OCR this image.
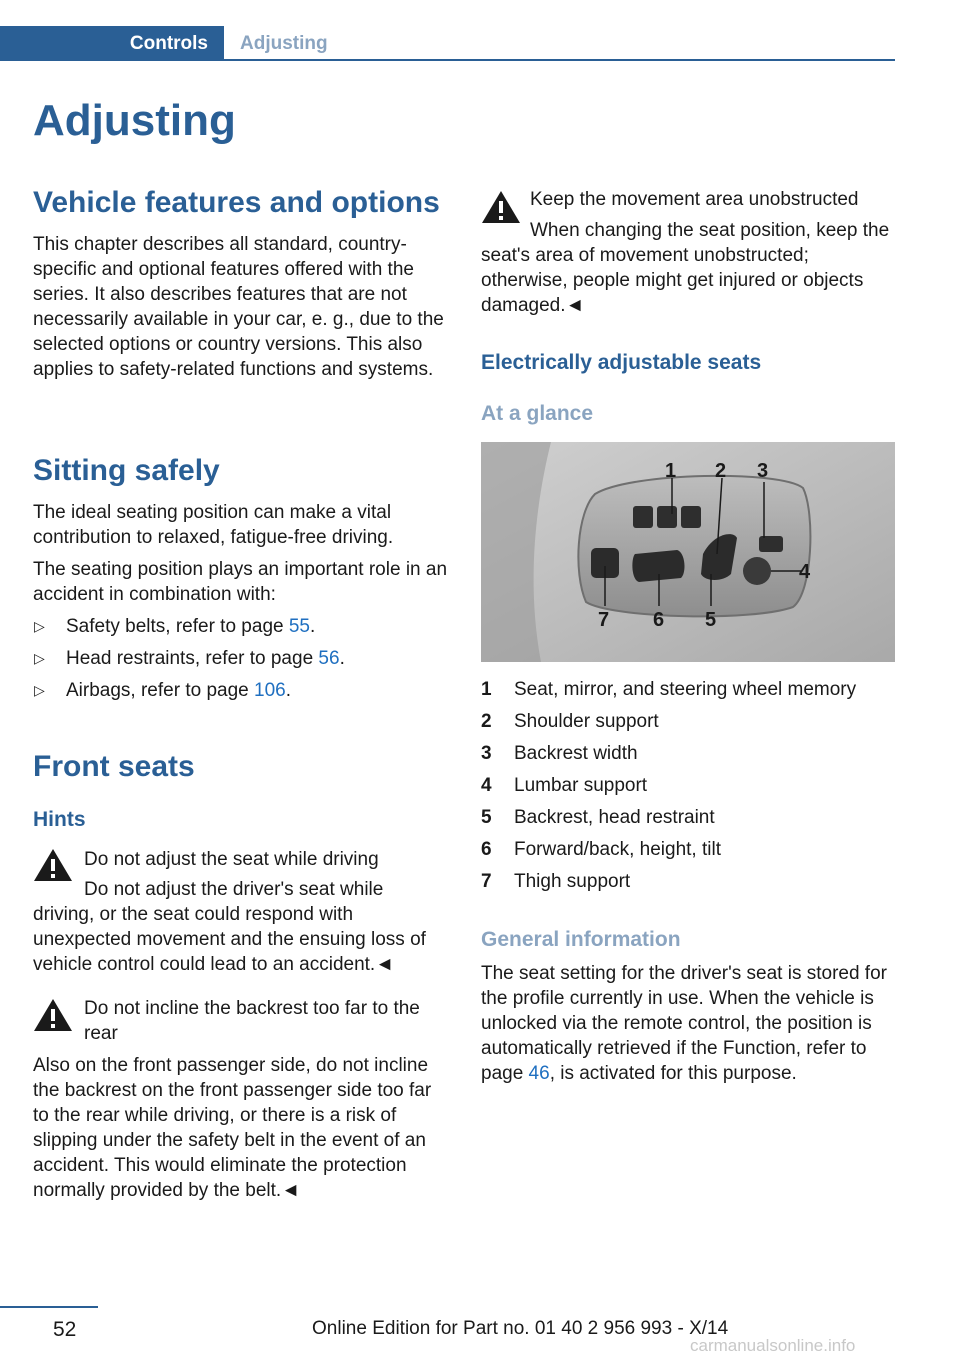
Controls	Adjusting
Adjusting
Vehicle features and options

This chapter describes all standard, country-specific and optional features offered with the series. It also describes features that are not necessarily available in your car, e. g., due to the selected options or country versions. This also applies to safety-related functions and systems.

Sitting safely

The ideal seating position can make a vital contribution to relaxed, fatigue-free driving.

The seating position plays an important role in an accident in combination with:

▷ Safety belts, refer to page 55.
▷ Head restraints, refer to page 56.
▷ Airbags, refer to page 106.
Front seats
Hints

Do not adjust the seat while driving

Do not adjust the driver's seat while driving, or the seat could respond with unexpected movement and the ensuing loss of vehicle control could lead to an accident.◄

Do not incline the backrest too far to the rear

Also on the front passenger side, do not incline the backrest on the front passenger side too far to the rear while driving, or there is a risk of slipping under the safety belt in the event of an accident. This would eliminate the protection normally provided by the belt.◄

Keep the movement area unobstructed

When changing the seat position, keep the seat's area of movement unobstructed; otherwise, people might get injured or objects damaged.◄

Electrically adjustable seats
At a glance
1 2 3
4
5
6
7
1 Seat, mirror, and steering wheel memory
2 Shoulder support
3 Backrest width
4 Lumbar support
5 Backrest, head restraint
6 Forward/back, height, tilt
7 Thigh support
General information

The seat setting for the driver's seat is stored for the profile currently in use. When the vehicle is unlocked via the remote control, the position is automatically retrieved if the Function, refer to page 46, is activated for this purpose.

52	Online Edition for Part no. 01 40 2 956 993 - X/14
carmanualsonline.info
